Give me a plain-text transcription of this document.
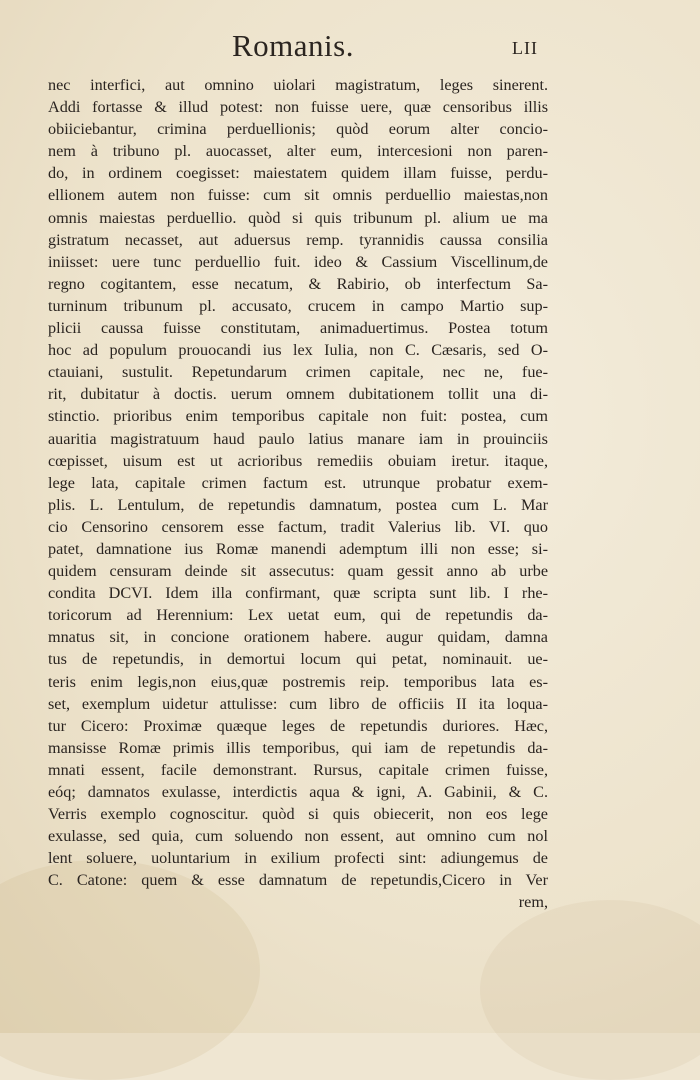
Romanis.	LII
nec interfici, aut omnino uiolari magistratum, leges sinerent.
Addi fortasse & illud potest: non fuisse uere, quæ censoribus illis
obiiciebantur, crimina perduellionis; quòd eorum alter concio-
nem à tribuno pl. auocasset, alter eum, intercesioni non paren-
do, in ordinem coegisset: maiestatem quidem illam fuisse, perdu-
ellionem autem non fuisse: cum sit omnis perduellio maiestas,non
omnis maiestas perduellio. quòd si quis tribunum pl. alium ue ma
gistratum necasset, aut aduersus remp. tyrannidis caussa consilia
iniisset: uere tunc perduellio fuit. ideo & Cassium Viscellinum,de
regno cogitantem, esse necatum, & Rabirio, ob interfectum Sa-
turninum tribunum pl. accusato, crucem in campo Martio sup-
plicii caussa fuisse constitutam, animaduertimus. Postea totum
hoc ad populum prouocandi ius lex Iulia, non C. Cæsaris, sed O-
ctauiani, sustulit. Repetundarum crimen capitale, nec ne, fue-
rit, dubitatur à doctis. uerum omnem dubitationem tollit una di-
stinctio. prioribus enim temporibus capitale non fuit: postea, cum
auaritia magistratuum haud paulo latius manare iam in prouinciis
cœpisset, uisum est ut acrioribus remediis obuiam iretur. itaque,
lege lata, capitale crimen factum est. utrunque probatur exem-
plis. L. Lentulum, de repetundis damnatum, postea cum L. Mar
cio Censorino censorem esse factum, tradit Valerius lib. VI. quo
patet, damnatione ius Romæ manendi ademptum illi non esse; si-
quidem censuram deinde sit assecutus: quam gessit anno ab urbe
condita DCVI. Idem illa confirmant, quæ scripta sunt lib. I rhe-
toricorum ad Herennium: Lex uetat eum, qui de repetundis da-
mnatus sit, in concione orationem habere. augur quidam, damna
tus de repetundis, in demortui locum qui petat, nominauit. ue-
teris enim legis,non eius,quæ postremis reip. temporibus lata es-
set, exemplum uidetur attulisse: cum libro de officiis II ita loqua-
tur Cicero: Proximæ quæque leges de repetundis duriores. Hæc,
mansisse Romæ primis illis temporibus, qui iam de repetundis da-
mnati essent, facile demonstrant. Rursus, capitale crimen fuisse,
eóq; damnatos exulasse, interdictis aqua & igni, A. Gabinii, & C.
Verris exemplo cognoscitur. quòd si quis obiecerit, non eos lege
exulasse, sed quia, cum soluendo non essent, aut omnino cum nol
lent soluere, uoluntarium in exilium profecti sint: adiungemus de
C. Catone: quem & esse damnatum de repetundis,Cicero in Ver
rem,
